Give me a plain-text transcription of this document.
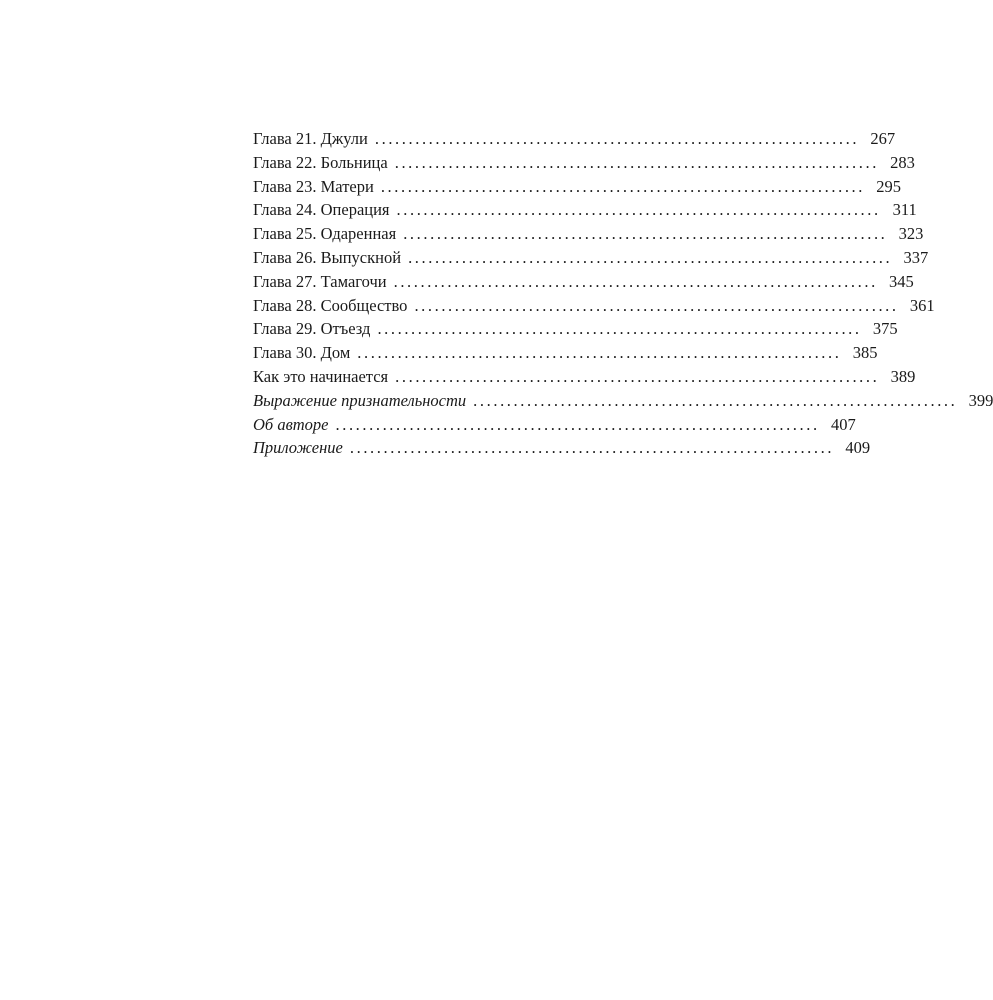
Глава 21. Джули ........................................................................ 267
Глава 22. Больница ........................................................................ 283
Глава 23. Матери ........................................................................ 295
Глава 24. Операция ........................................................................ 311
Глава 25. Одаренная ........................................................................ 323
Глава 26. Выпускной ........................................................................ 337
Глава 27. Тамагочи ........................................................................ 345
Глава 28. Сообщество ........................................................................ 361
Глава 29. Отъезд ........................................................................ 375
Глава 30. Дом ........................................................................ 385
Как это начинается ........................................................................ 389
Выражение признательности ........................................................................ 399
Об авторе ........................................................................ 407
Приложение ........................................................................ 409
